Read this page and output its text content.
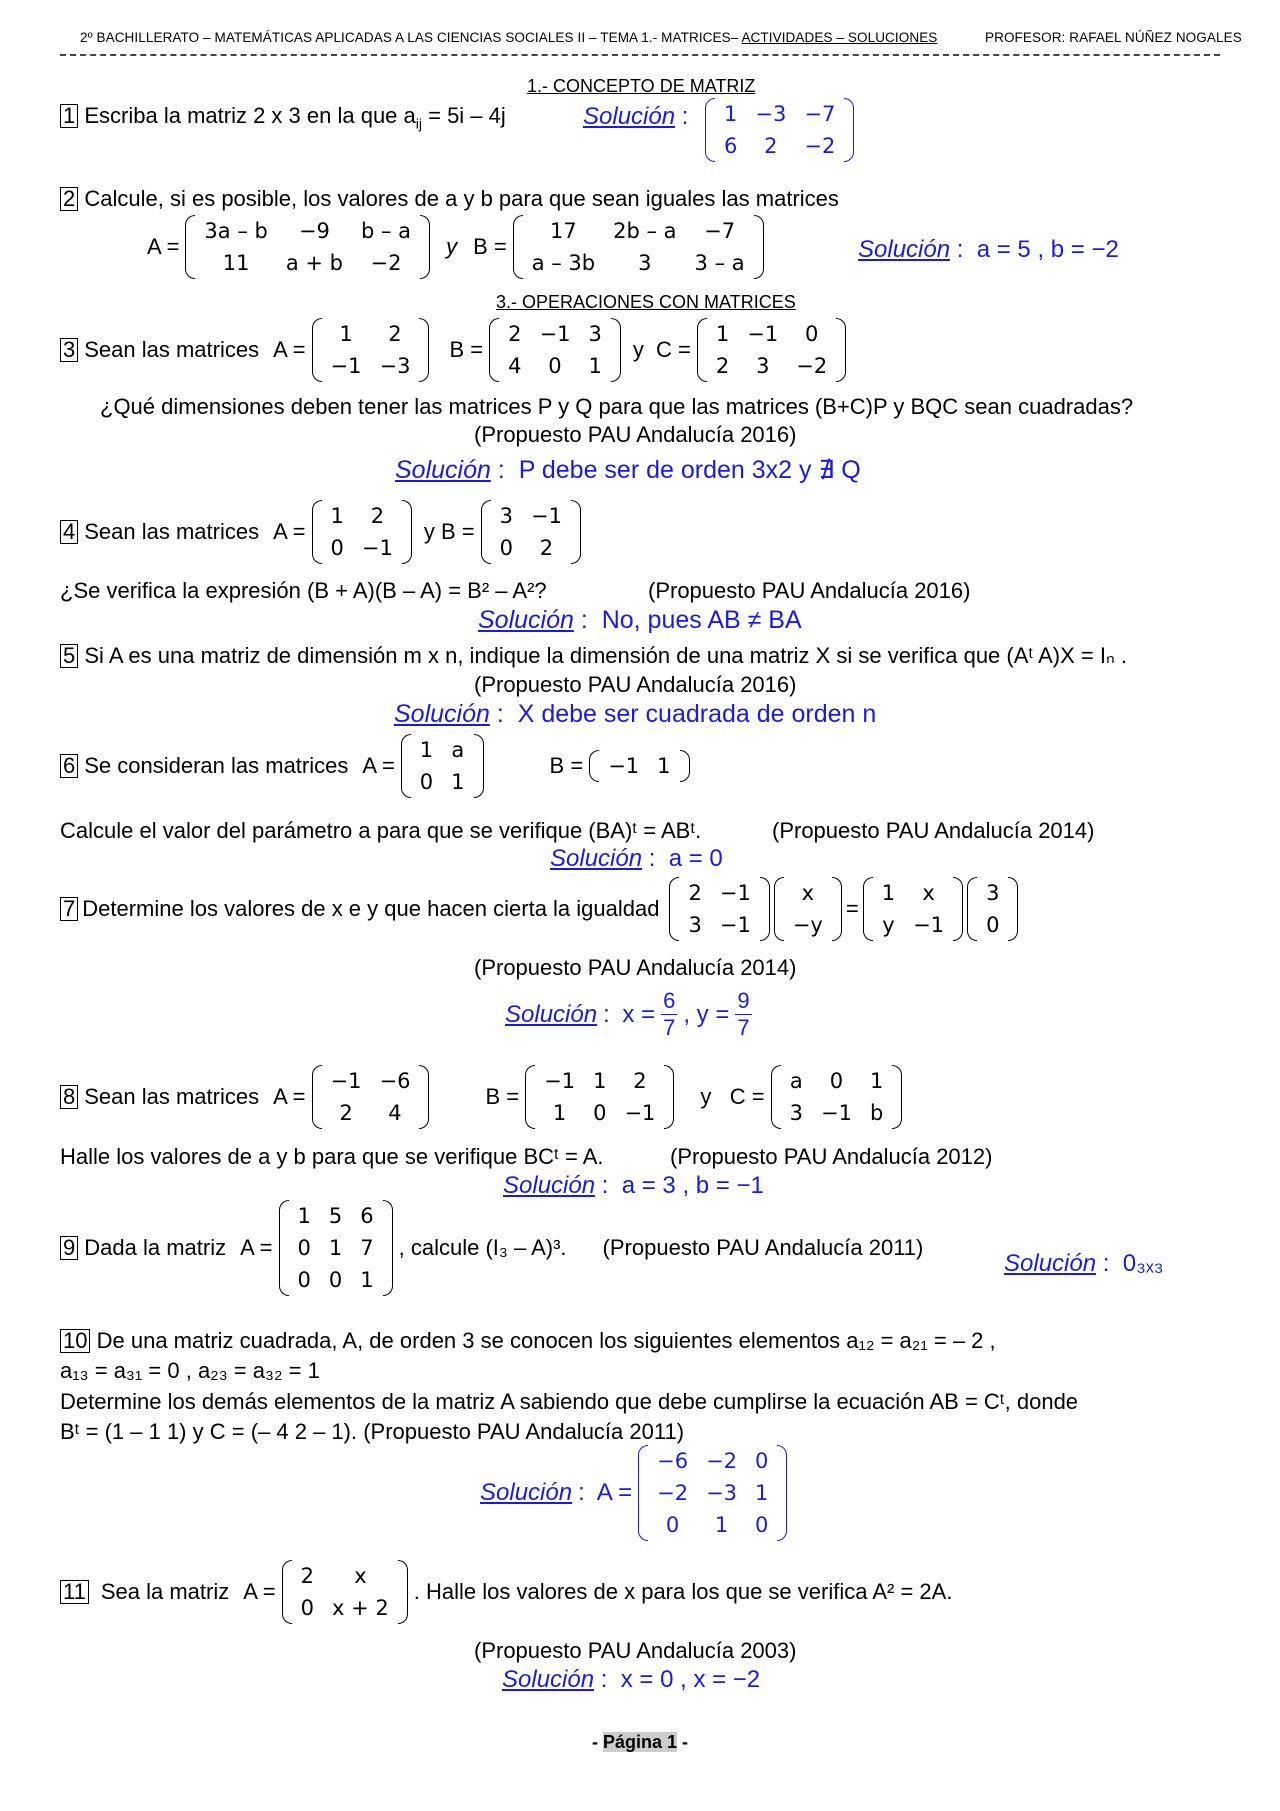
2º BACHILLERATO – MATEMÁTICAS APLICADAS A LAS CIENCIAS SOCIALES II – TEMA 1.- MATRICES– ACTIVIDADES – SOLUCIONES	PROFESOR: RAFAEL NÚÑEZ NOGALES
1.- CONCEPTO DE MATRIZ
1 Escriba la matriz 2 x 3 en la que $a_{ij} = 5i - 4j$	Solución : 1	−3	−7
6	2	−2
2 Calcule, si es posible, los valores de a y b para que sean iguales las matrices
A =
3a – b	−9	b – a
11	a + b	−2
y B =
17	2b – a	−7
a – 3b	3	3 – a	Solución :  a = 5 , b = −2
3.- OPERACIONES CON MATRICES
3 Sean las matrices A =
1	2
−1	−3
B =
2	−1	3
4	0	1
y  C =
1	−1	0
2	3	−2
¿Qué dimensiones deben tener las matrices P y Q para que las matrices (B+C)P y BQC sean cuadradas?
(Propuesto PAU Andalucía 2016)
Solución :  P debe ser de orden 3x2 y ∄ Q
4 Sean las matrices A =
1	2
0	−1
y B =
3	−1
0	2
¿Se verifica la expresión (B + A)(B – A) = B² – A²?	(Propuesto PAU Andalucía 2016)
Solución :  No, pues AB ≠ BA
5 Si A es una matriz de dimensión m x n, indique la dimensión de una matriz X si se verifica que (Aᵗ A)X = Iₙ .
(Propuesto PAU Andalucía 2016)
Solución :  X debe ser cuadrada de orden n
6 Se consideran las matrices A =
1	a
0	1
B = −1	1
Calcule el valor del parámetro a para que se verifique (BA)ᵗ = ABᵗ.	(Propuesto PAU Andalucía 2014)
Solución :  a = 0
7 Determine los valores de x e y que hacen cierta la igualdad
2	−1
3	−1
x
−y
=
1	x
y	−1
3
0
(Propuesto PAU Andalucía 2014)
Solución : $x = \frac{6}{7}$ , $y = \frac{9}{7}$
8 Sean las matrices A =
−1	−6
2	4
B =
−1	1	2
1	0	−1
y   C =
a	0	1
3	−1	b
Halle los valores de a y b para que se verifique BCᵗ = A.	(Propuesto PAU Andalucía 2012)
Solución :  a = 3 , b = −1
9 Dada la matriz A =
1	5	6
0	1	7
0	0	1
, calcule (I₃ – A)³. (Propuesto PAU Andalucía 2011)
Solución :  0₃ₓ₃
10 De una matriz cuadrada, A, de orden 3 se conocen los siguientes elementos a₁₂ = a₂₁ = – 2 ,
a₁₃ = a₃₁ = 0 , a₂₃ = a₃₂ = 1
Determine los demás elementos de la matriz A sabiendo que debe cumplirse la ecuación AB = Cᵗ, donde
Bᵗ = (1 – 1 1) y C = (– 4 2 – 1). (Propuesto PAU Andalucía 2011)
Solución :  A =
−6	−2	0
−2	−3	1
0	1	0
11 Sea la matriz A =
2	x
0	x + 2
. Halle los valores de x para los que se verifica A² = 2A.
(Propuesto PAU Andalucía 2003)
Solución :  x = 0 , x = −2
- Página 1 -
